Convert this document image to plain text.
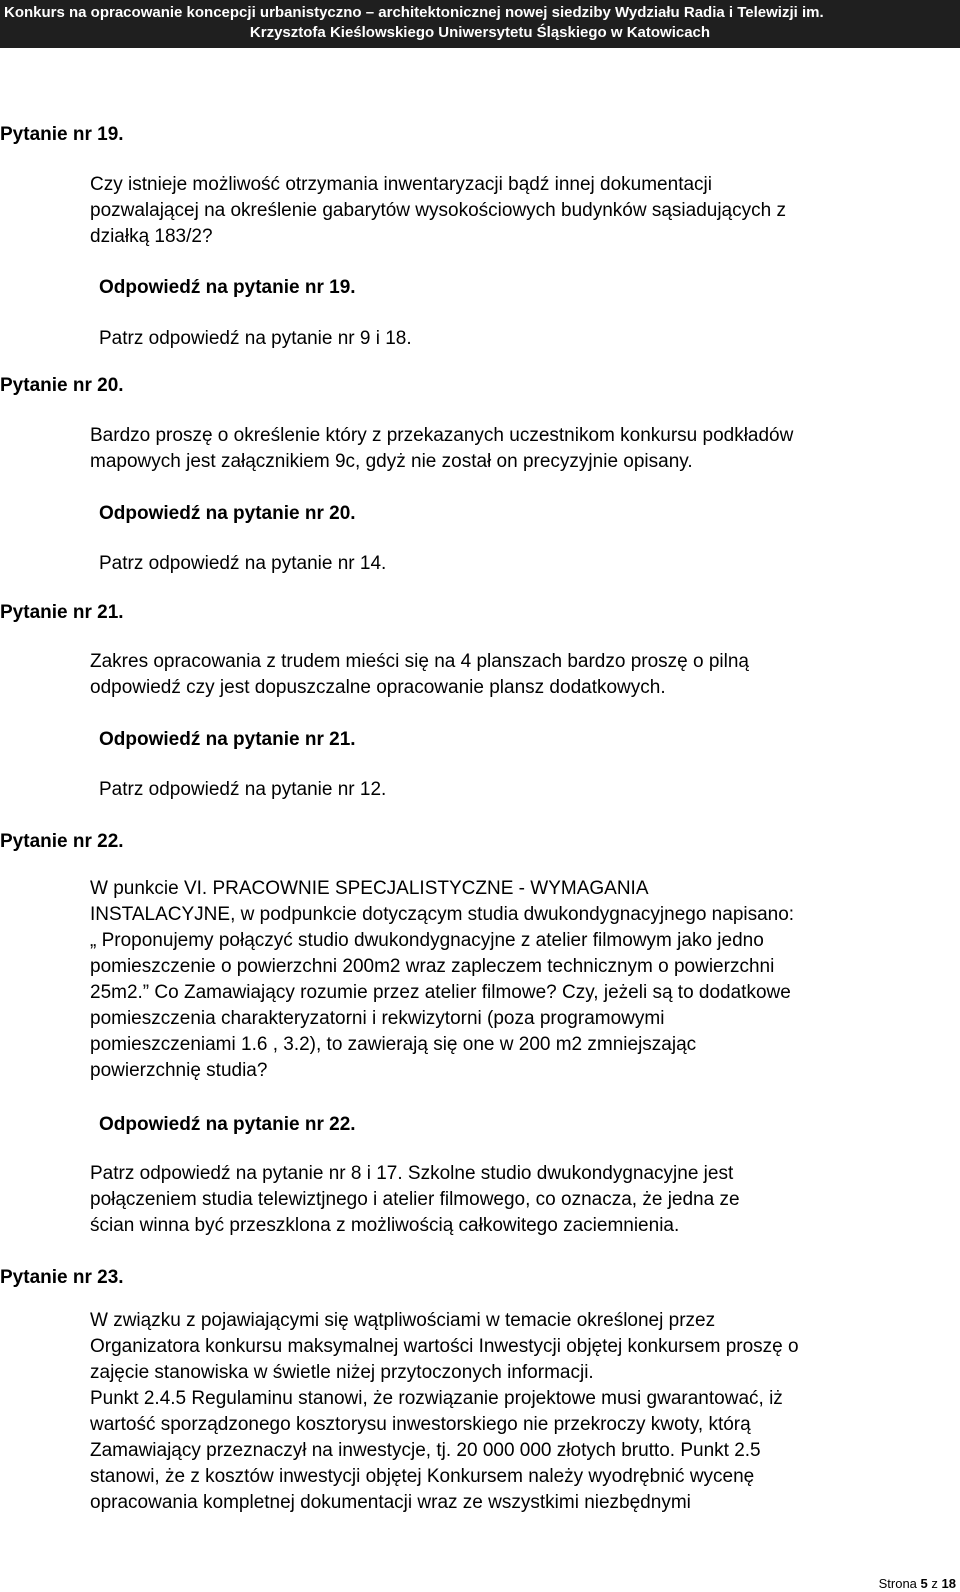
Konkurs na opracowanie koncepcji urbanistyczno – architektonicznej nowej siedziby Wydziału Radia i Telewizji im.
Krzysztofa Kieślowskiego Uniwersytetu Śląskiego w Katowicach
Pytanie nr 19.
Czy istnieje możliwość otrzymania inwentaryzacji bądź innej dokumentacji
pozwalającej na określenie gabarytów wysokościowych budynków sąsiadujących z
działką 183/2?
Odpowiedź na pytanie nr 19.
Patrz odpowiedź na pytanie nr 9 i 18.
Pytanie nr 20.
Bardzo proszę o określenie który z przekazanych uczestnikom konkursu podkładów
mapowych jest załącznikiem 9c, gdyż nie został on precyzyjnie opisany.
Odpowiedź na pytanie nr 20.
Patrz odpowiedź na pytanie nr 14.
Pytanie nr 21.
Zakres opracowania z trudem mieści się na 4 planszach bardzo proszę o pilną
odpowiedź czy jest dopuszczalne opracowanie plansz dodatkowych.
Odpowiedź na pytanie nr 21.
Patrz odpowiedź na pytanie nr 12.
Pytanie nr 22.
W punkcie VI. PRACOWNIE SPECJALISTYCZNE - WYMAGANIA
INSTALACYJNE, w podpunkcie dotyczącym studia dwukondygnacyjnego napisano:
„ Proponujemy połączyć studio dwukondygnacyjne z atelier filmowym jako jedno
pomieszczenie o powierzchni 200m2 wraz zapleczem technicznym o powierzchni
25m2.” Co Zamawiający rozumie przez atelier filmowe? Czy, jeżeli są to dodatkowe
pomieszczenia charakteryzatorni i rekwizytorni (poza programowymi
pomieszczeniami 1.6 , 3.2), to zawierają się one w 200 m2 zmniejszając
powierzchnię studia?
Odpowiedź na pytanie nr 22.
Patrz odpowiedź na pytanie nr 8 i 17. Szkolne studio dwukondygnacyjne jest
połączeniem studia telewiztjnego i atelier filmowego, co oznacza, że jedna ze
ścian winna być przeszklona z możliwością całkowitego zaciemnienia.
Pytanie nr 23.
W związku z pojawiającymi się wątpliwościami w temacie określonej przez
Organizatora konkursu maksymalnej wartości Inwestycji objętej konkursem proszę o
zajęcie stanowiska w świetle niżej przytoczonych informacji.
Punkt 2.4.5 Regulaminu stanowi, że rozwiązanie projektowe musi gwarantować, iż
wartość sporządzonego kosztorysu inwestorskiego nie przekroczy kwoty, którą
Zamawiający przeznaczył na inwestycje, tj. 20 000 000 złotych brutto. Punkt 2.5
stanowi, że z kosztów inwestycji objętej Konkursem należy wyodrębnić wycenę
opracowania kompletnej dokumentacji wraz ze wszystkimi niezbędnymi
Strona 5 z 18
